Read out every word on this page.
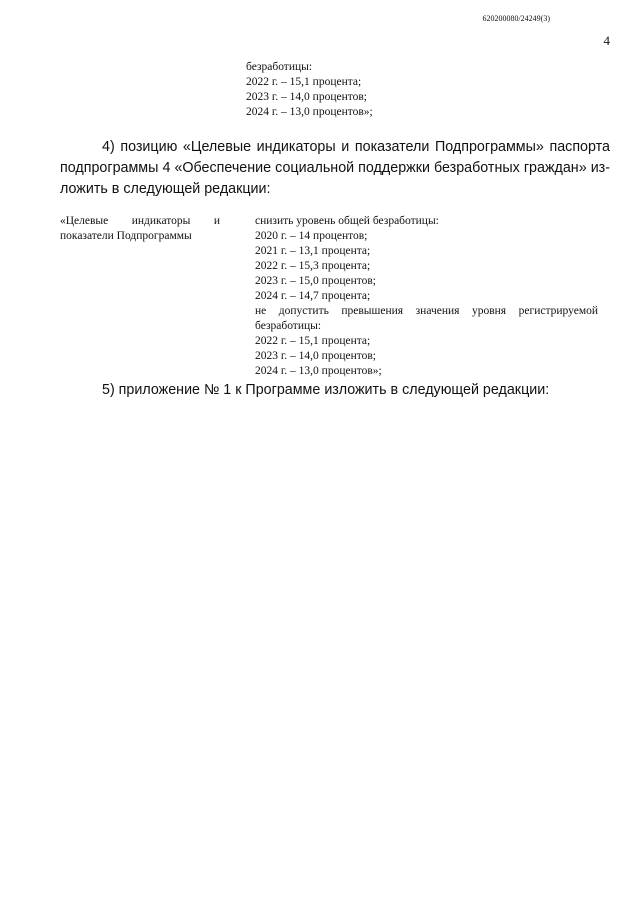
620200080/24249(3)
4
безработицы:
2022 г. – 15,1 процента;
2023 г. – 14,0 процентов;
2024 г. – 13,0 процентов»;
4) позицию «Целевые индикаторы и показатели Подпрограммы» паспорта
подпрограммы 4 «Обеспечение социальной поддержки безработных граждан» из-
ложить в следующей редакции:
«Целевые индикаторы и
показатели Подпрограммы
снизить уровень общей безработицы:
2020 г. – 14 процентов;
2021 г. – 13,1 процента;
2022 г. – 15,3 процента;
2023 г. – 15,0 процентов;
2024 г. – 14,7 процента;
не допустить превышения значения уровня регистрируемой
безработицы:
2022 г. – 15,1 процента;
2023 г. – 14,0 процентов;
2024 г. – 13,0 процентов»;
5) приложение № 1 к Программе изложить в следующей редакции:
